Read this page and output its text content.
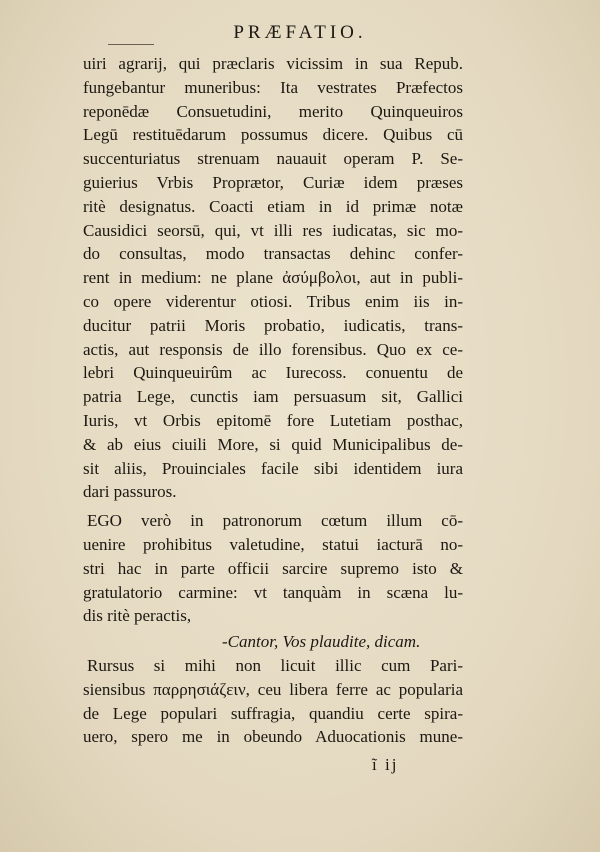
PRÆFATIO.
uiri agrarij, qui præclaris vicissim in sua Repub.
fungebantur muneribus: Ita vestrates Præfectos
reponēdæ Consuetudini, merito Quinqueuiros
Legū restituēdarum possumus dicere. Quibus cū
succenturiatus strenuam nauauit operam P. Se-
guierius Vrbis Proprætor, Curiæ idem præses
ritè designatus. Coacti etiam in id primæ notæ
Causidici seorsū, qui, vt illi res iudicatas, sic mo-
do consultas, modo transactas dehinc confer-
rent in medium: ne plane ἀσύμβολοι, aut in publi-
co opere viderentur otiosi. Tribus enim iis in-
ducitur patrii Moris probatio, iudicatis, trans-
actis, aut responsis de illo forensibus. Quo ex ce-
lebri Quinqueuirûm ac Iurecoss. conuentu de
patria Lege, cunctis iam persuasum sit, Gallici
Iuris, vt Orbis epitomē fore Lutetiam posthac,
& ab eius ciuili More, si quid Municipalibus de-
sit aliis, Prouinciales facile sibi identidem iura
dari passuros.
EGO verò in patronorum cœtum illum cō-
uenire prohibitus valetudine, statui iacturā no-
stri hac in parte officii sarcire supremo isto &
gratulatorio carmine: vt tanquàm in scæna lu-
dis ritè peractis,
-Cantor, Vos plaudite, dicam.
Rursus si mihi non licuit illic cum Pari-
siensibus παρρησιάζειν, ceu libera ferre ac popularia
de Lege populari suffragia, quandiu certe spira-
uero, spero me in obeundo Aduocationis mune-
ĩ ij
